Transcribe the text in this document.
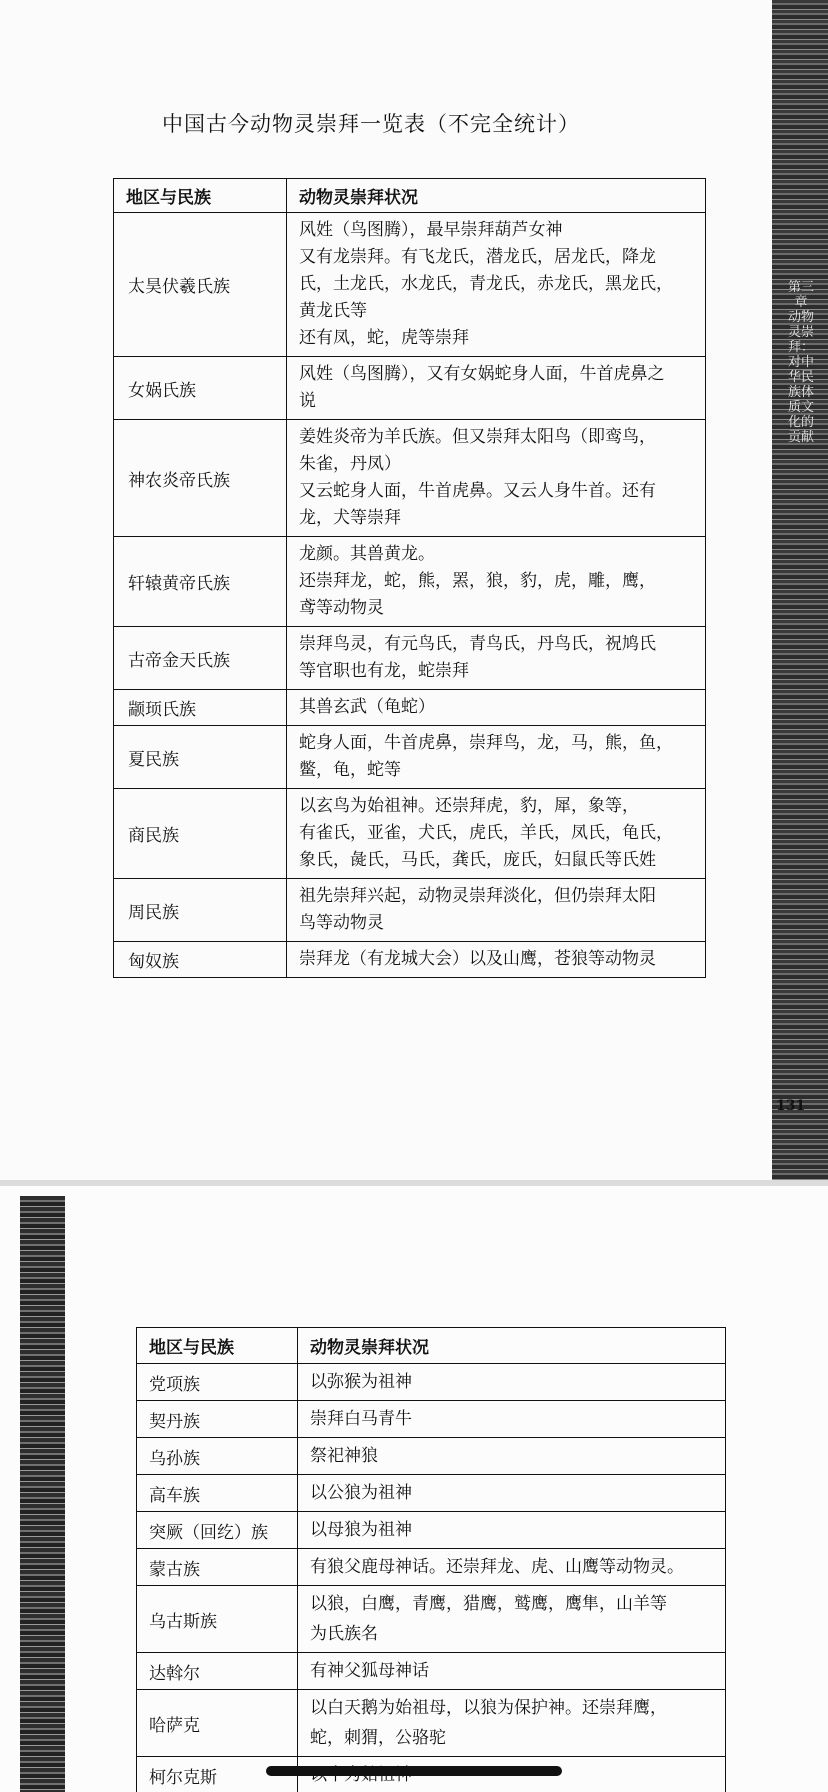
中国古今动物灵崇拜一览表（不完全统计）
地区与民族	动物灵崇拜状况
太昊伏羲氏族	风姓（鸟图腾），最早崇拜葫芦女神
又有龙崇拜。有飞龙氏，潜龙氏，居龙氏，降龙
氏，土龙氏，水龙氏，青龙氏，赤龙氏，黑龙氏，
黄龙氏等
还有凤，蛇，虎等崇拜

女娲氏族	风姓（鸟图腾），又有女娲蛇身人面，牛首虎鼻之
说

神农炎帝氏族	姜姓炎帝为羊氏族。但又崇拜太阳鸟（即鸾鸟，
朱雀，丹凤）
又云蛇身人面，牛首虎鼻。又云人身牛首。还有
龙，犬等崇拜

轩辕黄帝氏族	龙颜。其兽黄龙。
还崇拜龙，蛇，熊，罴，狼，豹，虎，雕，鹰，
鸢等动物灵

古帝金天氏族	崇拜鸟灵，有元鸟氏，青鸟氏，丹鸟氏，祝鸠氏
等官职也有龙，蛇崇拜

颛顼氏族	其兽玄武（龟蛇）

夏民族	蛇身人面，牛首虎鼻，崇拜鸟，龙，马，熊，鱼，
鳖，龟，蛇等

商民族	以玄鸟为始祖神。还崇拜虎，豹，犀，象等，
有雀氏，亚雀，犬氏，虎氏，羊氏，凤氏，龟氏，
象氏，彘氏，马氏，龚氏，庞氏，妇鼠氏等氏姓

周民族	祖先崇拜兴起，动物灵崇拜淡化，但仍崇拜太阳
鸟等动物灵

匈奴族	崇拜龙（有龙城大会）以及山鹰，苍狼等动物灵
第三章 动物灵崇拜：对中华民族体质文化的贡献
131
地区与民族	动物灵崇拜状况
党项族	以弥猴为祖神

契丹族	崇拜白马青牛

乌孙族	祭祀神狼

高车族	以公狼为祖神

突厥（回纥）族	以母狼为祖神

蒙古族	有狼父鹿母神话。还崇拜龙、虎、山鹰等动物灵。

乌古斯族	以狼，白鹰，青鹰，猎鹰，鹫鹰，鹰隼，山羊等
为氏族名

达斡尔	有神父狐母神话

哈萨克	以白天鹅为始祖母，以狼为保护神。还崇拜鹰，
蛇，刺猬，公骆驼

柯尔克斯	
